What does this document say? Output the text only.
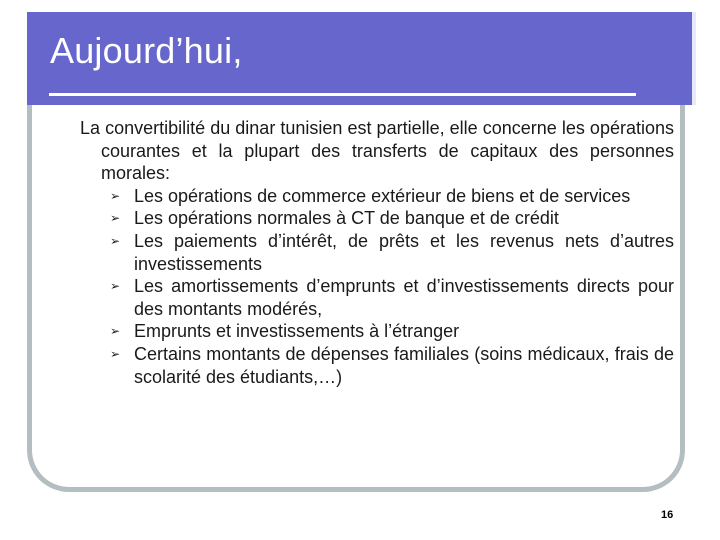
Aujourd’hui,

La convertibilité du dinar tunisien est partielle, elle concerne les opérations courantes et la plupart des transferts de capitaux des personnes morales:

➢ Les opérations de commerce extérieur de biens et de services
➢ Les opérations normales à CT de banque et de crédit
➢ Les paiements d’intérêt, de prêts et les revenus nets d’autres investissements
➢ Les amortissements d’emprunts et d’investissements directs pour des montants modérés,
➢ Emprunts et investissements à l’étranger
➢ Certains montants de dépenses familiales (soins médicaux, frais de scolarité des étudiants,…)
16
